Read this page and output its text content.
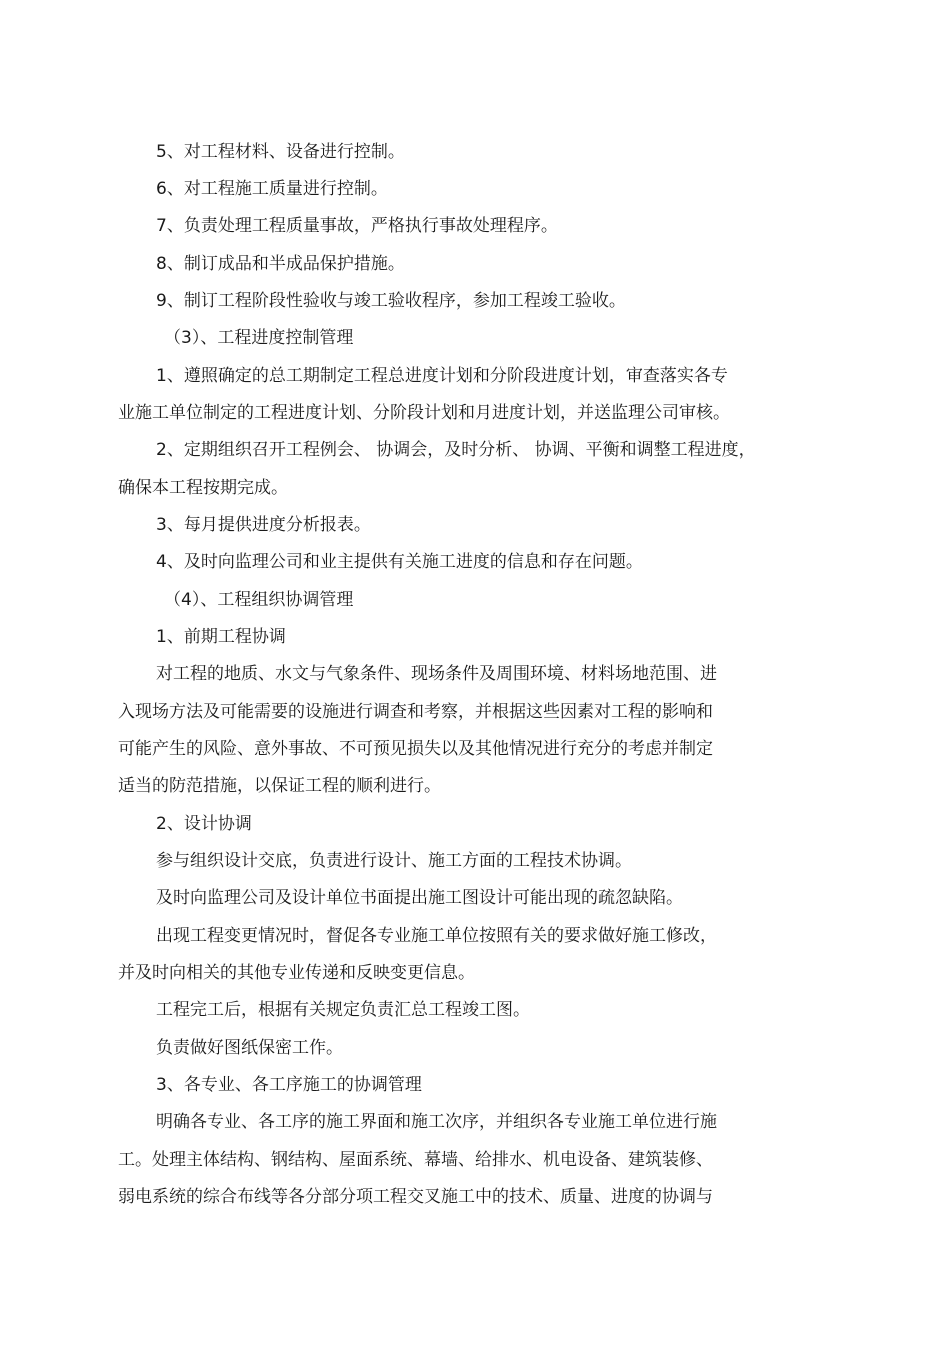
5、对工程材料、设备进行控制。
6、对工程施工质量进行控制。
7、负责处理工程质量事故，严格执行事故处理程序。
8、制订成品和半成品保护措施。
9、制订工程阶段性验收与竣工验收程序，参加工程竣工验收。
（3）、工程进度控制管理
1、遵照确定的总工期制定工程总进度计划和分阶段进度计划，审查落实各专
业施工单位制定的工程进度计划、分阶段计划和月进度计划，并送监理公司审核。
2、定期组织召开工程例会、 协调会，及时分析、 协调、平衡和调整工程进度，
确保本工程按期完成。
3、每月提供进度分析报表。
4、及时向监理公司和业主提供有关施工进度的信息和存在问题。
（4）、工程组织协调管理
1、前期工程协调
对工程的地质、水文与气象条件、现场条件及周围环境、材料场地范围、进
入现场方法及可能需要的设施进行调查和考察，并根据这些因素对工程的影响和
可能产生的风险、意外事故、不可预见损失以及其他情况进行充分的考虑并制定
适当的防范措施，以保证工程的顺利进行。
2、设计协调
参与组织设计交底，负责进行设计、施工方面的工程技术协调。
及时向监理公司及设计单位书面提出施工图设计可能出现的疏忽缺陷。
出现工程变更情况时，督促各专业施工单位按照有关的要求做好施工修改，
并及时向相关的其他专业传递和反映变更信息。
工程完工后，根据有关规定负责汇总工程竣工图。
负责做好图纸保密工作。
3、各专业、各工序施工的协调管理
明确各专业、各工序的施工界面和施工次序，并组织各专业施工单位进行施
工。处理主体结构、钢结构、屋面系统、幕墙、给排水、机电设备、建筑装修、
弱电系统的综合布线等各分部分项工程交叉施工中的技术、质量、进度的协调与
